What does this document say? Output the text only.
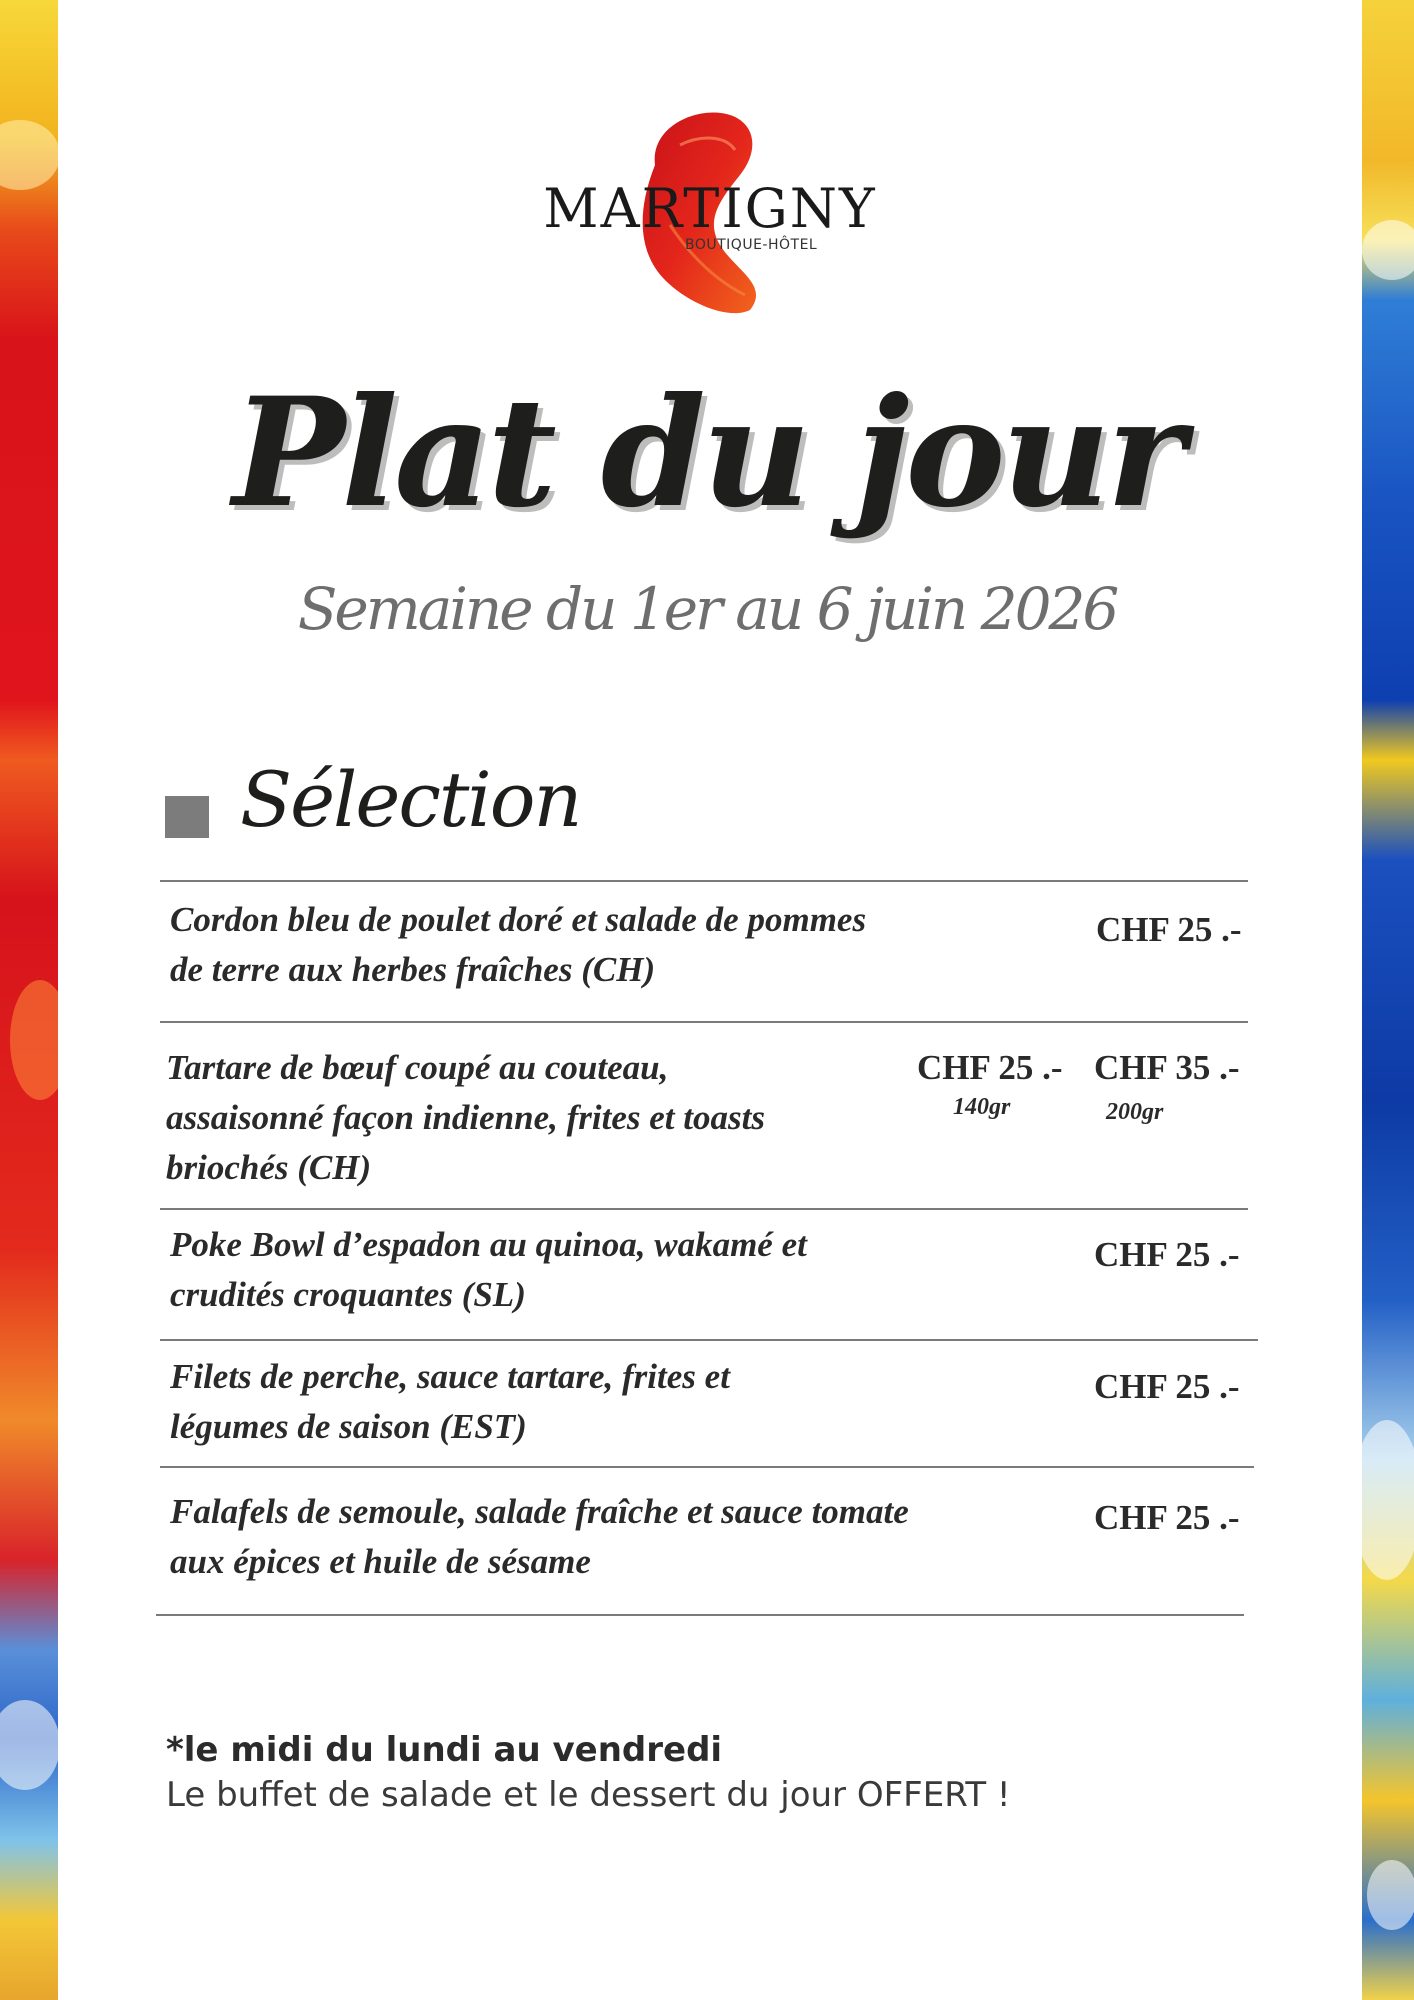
MARTIGNY
BOUTIQUE-HÔTEL
Plat du jour
Semaine du 1er au 6 juin 2026
Sélection
Cordon bleu de poulet doré et salade de pommes
de terre aux herbes fraîches (CH)
CHF 25 .-
Tartare de bœuf coupé au couteau,
assaisonné façon indienne, frites et toasts
briochés (CH)
CHF 25 .-
140gr
CHF 35 .-
200gr
Poke Bowl d’espadon au quinoa, wakamé et
crudités croquantes (SL)
CHF 25 .-
Filets de perche, sauce tartare, frites et
légumes de saison (EST)
CHF 25 .-
Falafels de semoule, salade fraîche et sauce tomate
aux épices et huile de sésame
CHF 25 .-
*le midi du lundi au vendredi
Le buffet de salade et le dessert du jour OFFERT !
